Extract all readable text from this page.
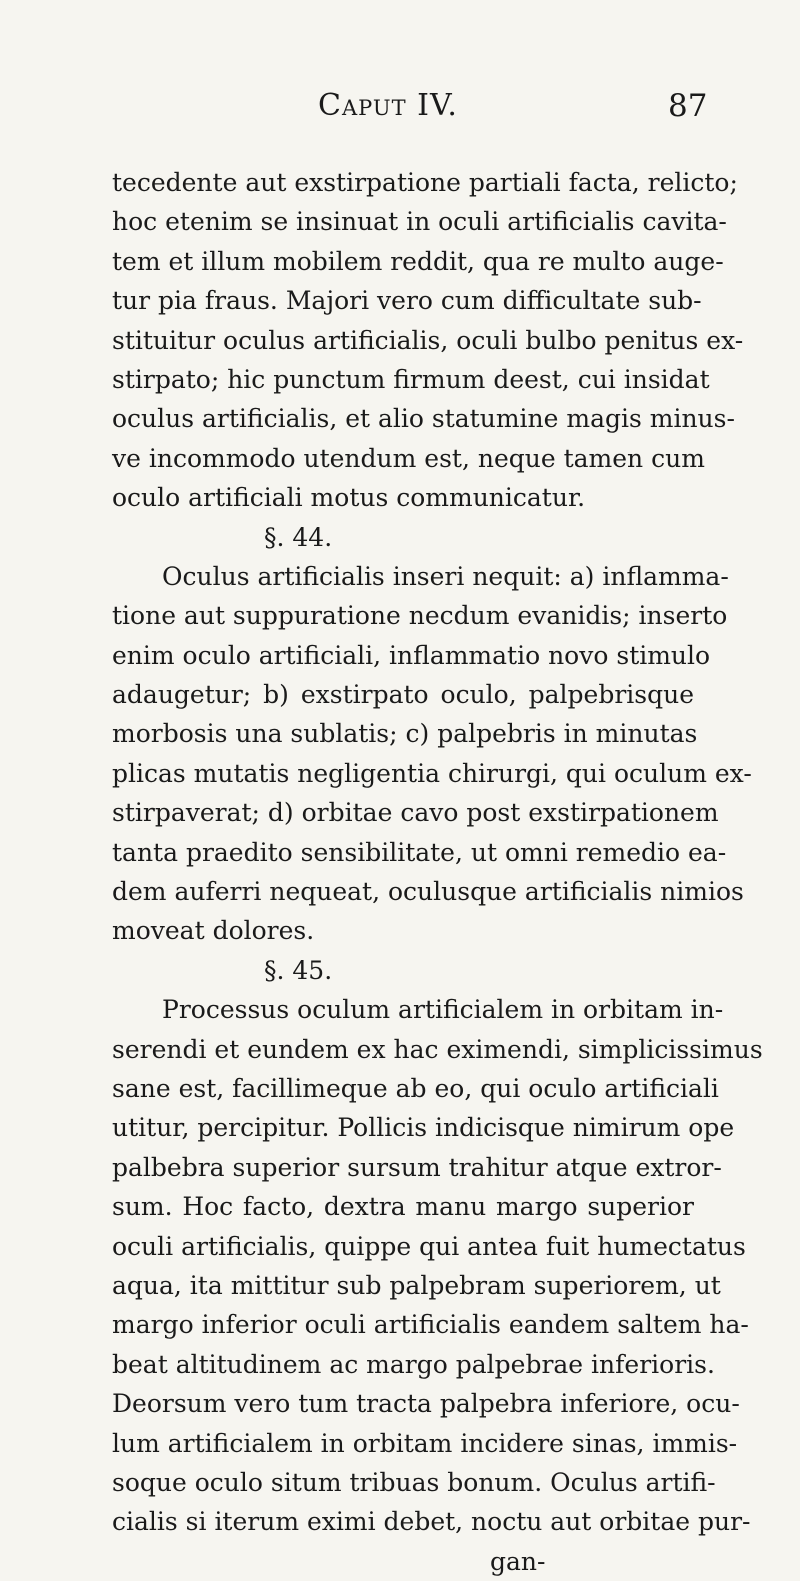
Caput IV.	87
tecedente aut exstirpatione partiali facta, relicto;
hoc etenim se insinuat in oculi artificialis cavita-
tem et illum mobilem reddit, qua re multo auge-
tur pia fraus. Majori vero cum difficultate sub-
stituitur oculus artificialis, oculi bulbo penitus ex-
stirpato; hic punctum firmum deest, cui insidat
oculus artificialis, et alio statumine magis minus-
ve incommodo utendum est, neque tamen cum
oculo artificiali motus communicatur.
§. 44.
Oculus artificialis inseri nequit: a) inflamma-
tione aut suppuratione necdum evanidis; inserto
enim oculo artificiali, inflammatio novo stimulo
adaugetur; b) exstirpato oculo, palpebrisque
morbosis una sublatis; c) palpebris in minutas
plicas mutatis negligentia chirurgi, qui oculum ex-
stirpaverat; d) orbitae cavo post exstirpationem
tanta praedito sensibilitate, ut omni remedio ea-
dem auferri nequeat, oculusque artificialis nimios
moveat dolores.
§. 45.
Processus oculum artificialem in orbitam in-
serendi et eundem ex hac eximendi, simplicissimus
sane est, facillimeque ab eo, qui oculo artificiali
utitur, percipitur. Pollicis indicisque nimirum ope
palbebra superior sursum trahitur atque extror-
sum. Hoc facto, dextra manu margo superior
oculi artificialis, quippe qui antea fuit humectatus
aqua, ita mittitur sub palpebram superiorem, ut
margo inferior oculi artificialis eandem saltem ha-
beat altitudinem ac margo palpebrae inferioris.
Deorsum vero tum tracta palpebra inferiore, ocu-
lum artificialem in orbitam incidere sinas, immis-
soque oculo situm tribuas bonum. Oculus artifi-
cialis si iterum eximi debet, noctu aut orbitae pur-
gan-
